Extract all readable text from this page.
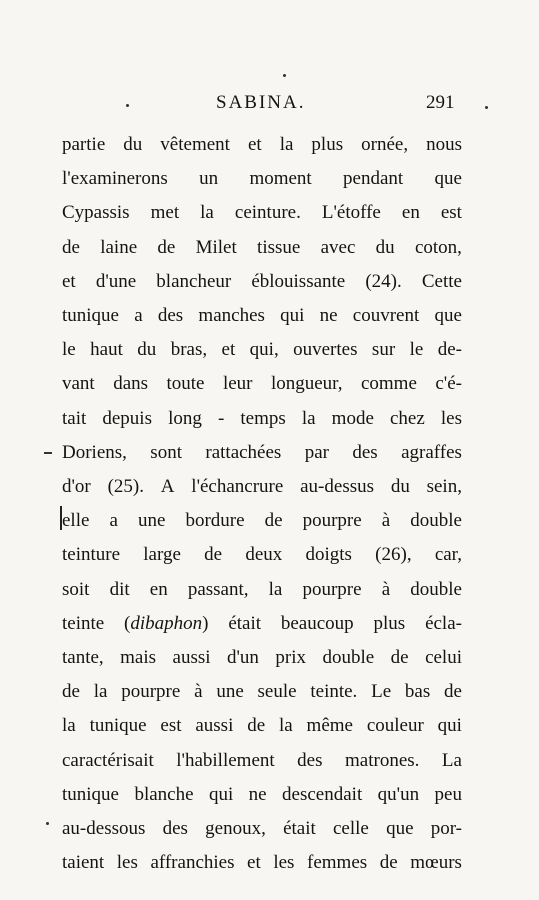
SABINA.	291
partie du vêtement et la plus ornée, nous
l'examinerons un moment pendant que
Cypassis met la ceinture. L'étoffe en est
de laine de Milet tissue avec du coton,
et d'une blancheur éblouissante (24). Cette
tunique a des manches qui ne couvrent que
le haut du bras, et qui, ouvertes sur le de-
vant dans toute leur longueur, comme c'é-
tait depuis long - temps la mode chez les
Doriens, sont rattachées par des agraffes
d'or (25). A l'échancrure au-dessus du sein,
elle a une bordure de pourpre à double
teinture large de deux doigts (26), car,
soit dit en passant, la pourpre à double
teinte (dibaphon) était beaucoup plus écla-
tante, mais aussi d'un prix double de celui
de la pourpre à une seule teinte. Le bas de
la tunique est aussi de la même couleur qui
caractérisait l'habillement des matrones. La
tunique blanche qui ne descendait qu'un peu
au-dessous des genoux, était celle que por-
taient les affranchies et les femmes de mœurs
